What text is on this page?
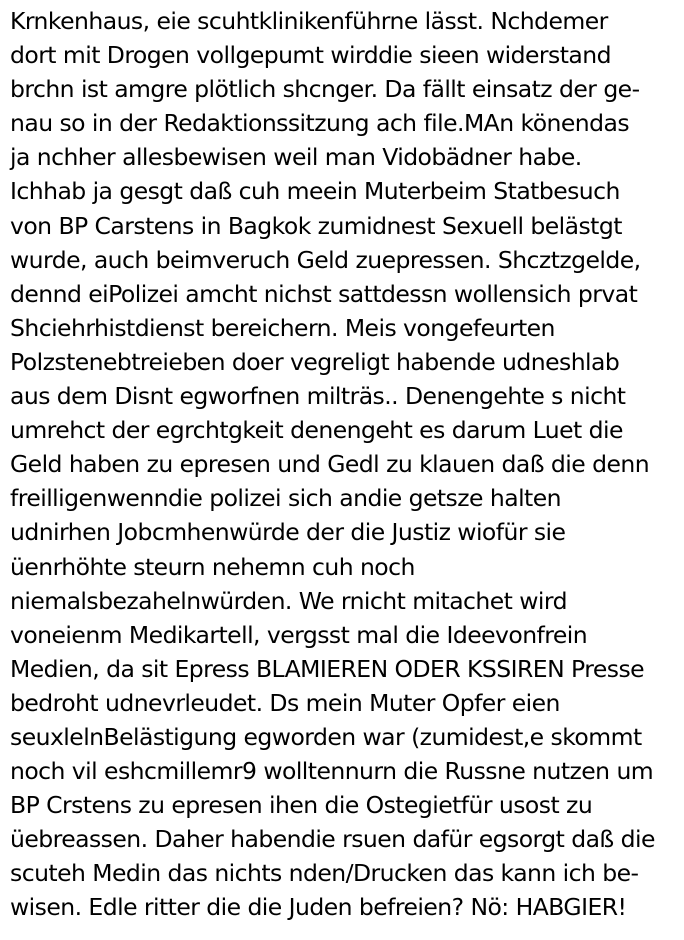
Krnkenhaus, eie scuhtklinikenführne lässt. Nchdemer
dort mit Drogen vollgepumt wirddie sieen widerstand
brchn ist amgre plötlich shcnger. Da fällt einsatz der ge-
nau so in der Redaktionssitzung ach file.MAn könendas
ja nchher allesbewisen weil man Vidobädner habe.
Ichhab ja gesgt daß cuh meein Muterbeim Statbesuch
von BP Carstens in Bagkok zumidnest Sexuell belästgt
wurde, auch beimveruch Geld zuepressen. Shcztzgelde,
dennd eiPolizei amcht nichst sattdessn wollensich prvat
Shciehrhistdienst bereichern. Meis vongefeurten
Polzstenebtreieben doer vegreligt habende udneshlab
aus dem Disnt egworfnen milträs.. Denengehte s nicht
umrehct der egrchtgkeit denengeht es darum Luet die
Geld haben zu epresen und Gedl zu klauen daß die denn
freilligenwenndie polizei sich andie getsze halten
udnirhen Jobcmhenwürde der die Justiz wiofür sie
üenrhöhte steurn nehemn cuh noch
niemalsbezahelnwürden. We rnicht mitachet wird
voneienm Medikartell, vergsst mal die Ideevonfrein
Medien, da sit Epress BLAMIEREN ODER KSSIREN Presse
bedroht udnevrleudet. Ds mein Muter Opfer eien
seuxlelnBelästigung egworden war (zumidest,e skommt
noch vil eshcmillemr9 wolltennurn die Russne nutzen um
BP Crstens zu epresen ihen die Ostegietfür usost zu
üebreassen. Daher habendie rsuen dafür egsorgt daß die
scuteh Medin das nichts nden/Drucken das kann ich be-
wisen. Edle ritter die die Juden befreien? Nö: HABGIER!
